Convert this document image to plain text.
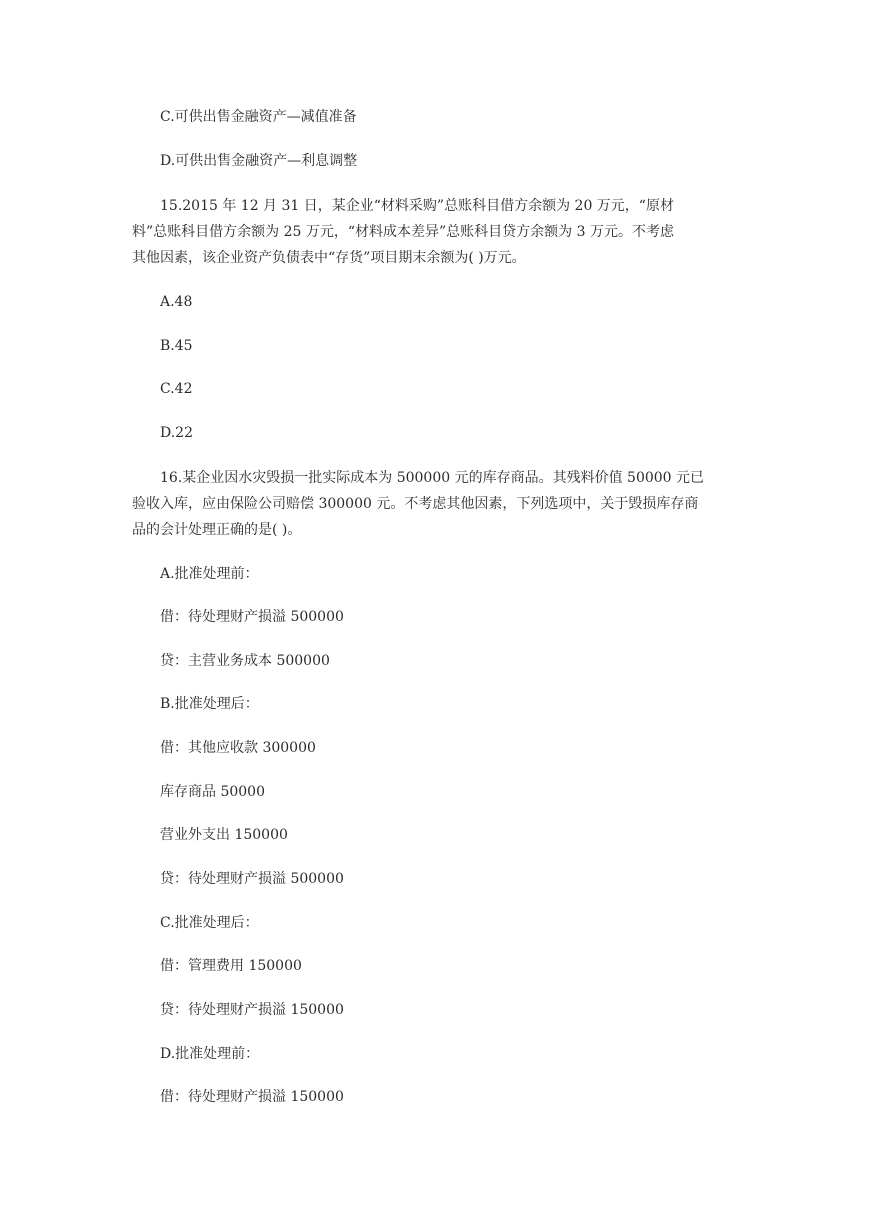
C.可供出售金融资产—减值准备
D.可供出售金融资产—利息调整
15.2015 年 12 月 31 日，某企业“材料采购”总账科目借方余额为 20 万元，“原材
料”总账科目借方余额为 25 万元，“材料成本差异”总账科目贷方余额为 3 万元。不考虑
其他因素，该企业资产负债表中“存货”项目期末余额为( )万元。
A.48
B.45
C.42
D.22
16.某企业因水灾毁损一批实际成本为 500000 元的库存商品。其残料价值 50000 元已
验收入库，应由保险公司赔偿 300000 元。不考虑其他因素，下列选项中，关于毁损库存商
品的会计处理正确的是( )。
A.批准处理前：
借：待处理财产损溢 500000
贷：主营业务成本 500000
B.批准处理后：
借：其他应收款 300000
库存商品 50000
营业外支出 150000
贷：待处理财产损溢 500000
C.批准处理后：
借：管理费用 150000
贷：待处理财产损溢 150000
D.批准处理前：
借：待处理财产损溢 150000
